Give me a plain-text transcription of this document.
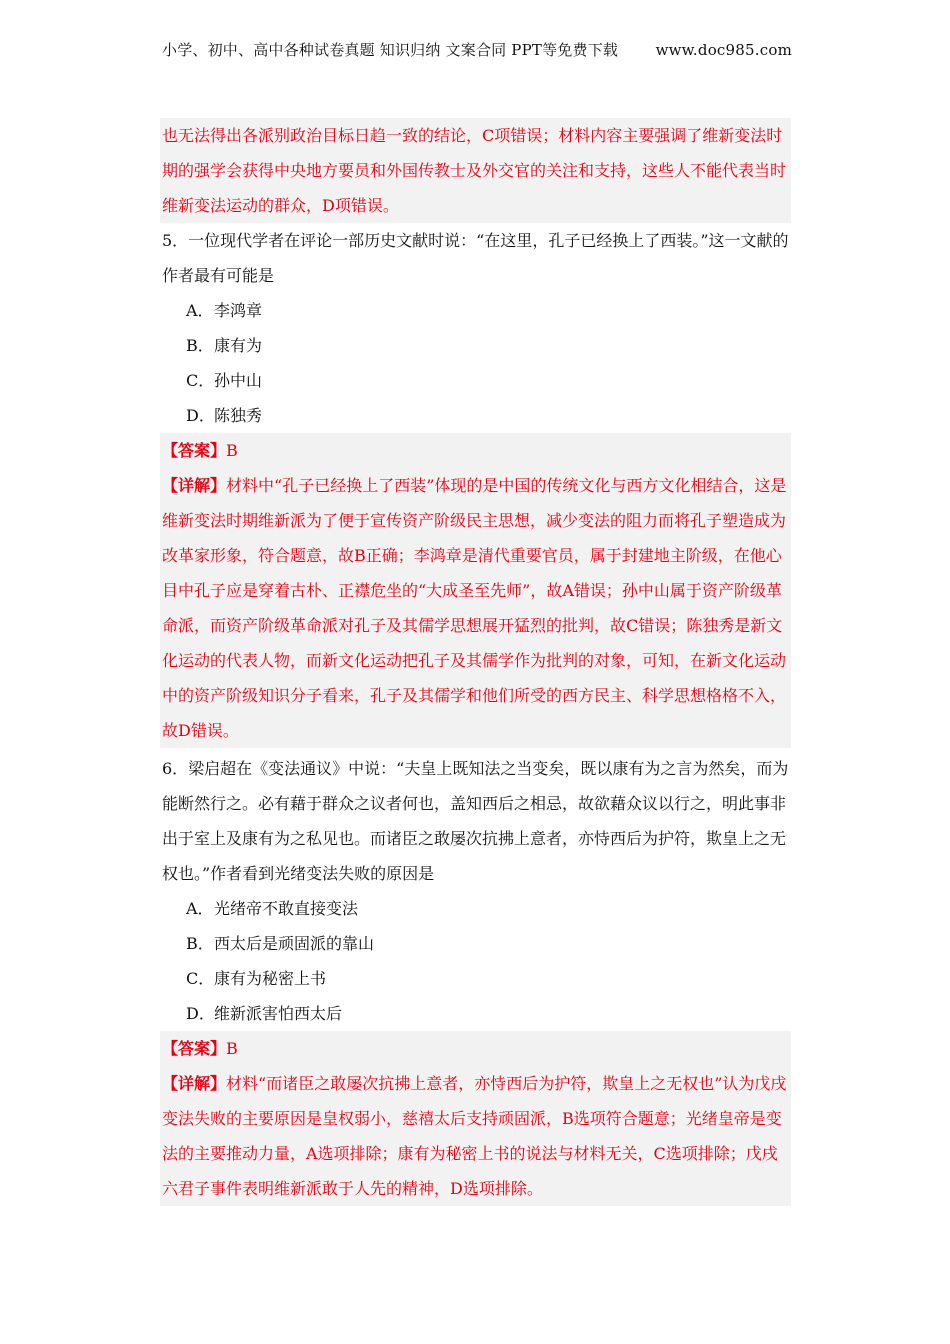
小学、初中、高中各种试卷真题 知识归纳 文案合同 PPT等免费下载 www.doc985.com

也无法得出各派别政治目标日趋一致的结论，C项错误；材料内容主要强调了维新变法时期的强学会获得中央地方要员和外国传教士及外交官的关注和支持，这些人不能代表当时维新变法运动的群众，D项错误。

5．一位现代学者在评论一部历史文献时说：“在这里，孔子已经换上了西装。”这一文献的作者最有可能是

A．李鸿章
B．康有为
C．孙中山
D．陈独秀

【答案】B

【详解】材料中“孔子已经换上了西装”体现的是中国的传统文化与西方文化相结合，这是维新变法时期维新派为了便于宣传资产阶级民主思想，减少变法的阻力而将孔子塑造成为改革家形象，符合题意，故B正确；李鸿章是清代重要官员，属于封建地主阶级，在他心目中孔子应是穿着古朴、正襟危坐的“大成圣至先师”，故A错误；孙中山属于资产阶级革命派，而资产阶级革命派对孔子及其儒学思想展开猛烈的批判，故C错误；陈独秀是新文化运动的代表人物，而新文化运动把孔子及其儒学作为批判的对象，可知，在新文化运动中的资产阶级知识分子看来，孔子及其儒学和他们所受的西方民主、科学思想格格不入，故D错误。

6．梁启超在《变法通议》中说：“夫皇上既知法之当变矣，既以康有为之言为然矣，而为能断然行之。必有藉于群众之议者何也，盖知西后之相忌，故欲藉众议以行之，明此事非出于室上及康有为之私见也。而诸臣之敢屡次抗拂上意者，亦恃西后为护符，欺皇上之无权也。”作者看到光绪变法失败的原因是

A．光绪帝不敢直接变法
B．西太后是顽固派的靠山
C．康有为秘密上书
D．维新派害怕西太后

【答案】B

【详解】材料“而诸臣之敢屡次抗拂上意者，亦恃西后为护符，欺皇上之无权也”认为戊戌变法失败的主要原因是皇权弱小，慈禧太后支持顽固派，B选项符合题意；光绪皇帝是变法的主要推动力量，A选项排除；康有为秘密上书的说法与材料无关，C选项排除；戊戌六君子事件表明维新派敢于人先的精神，D选项排除。
